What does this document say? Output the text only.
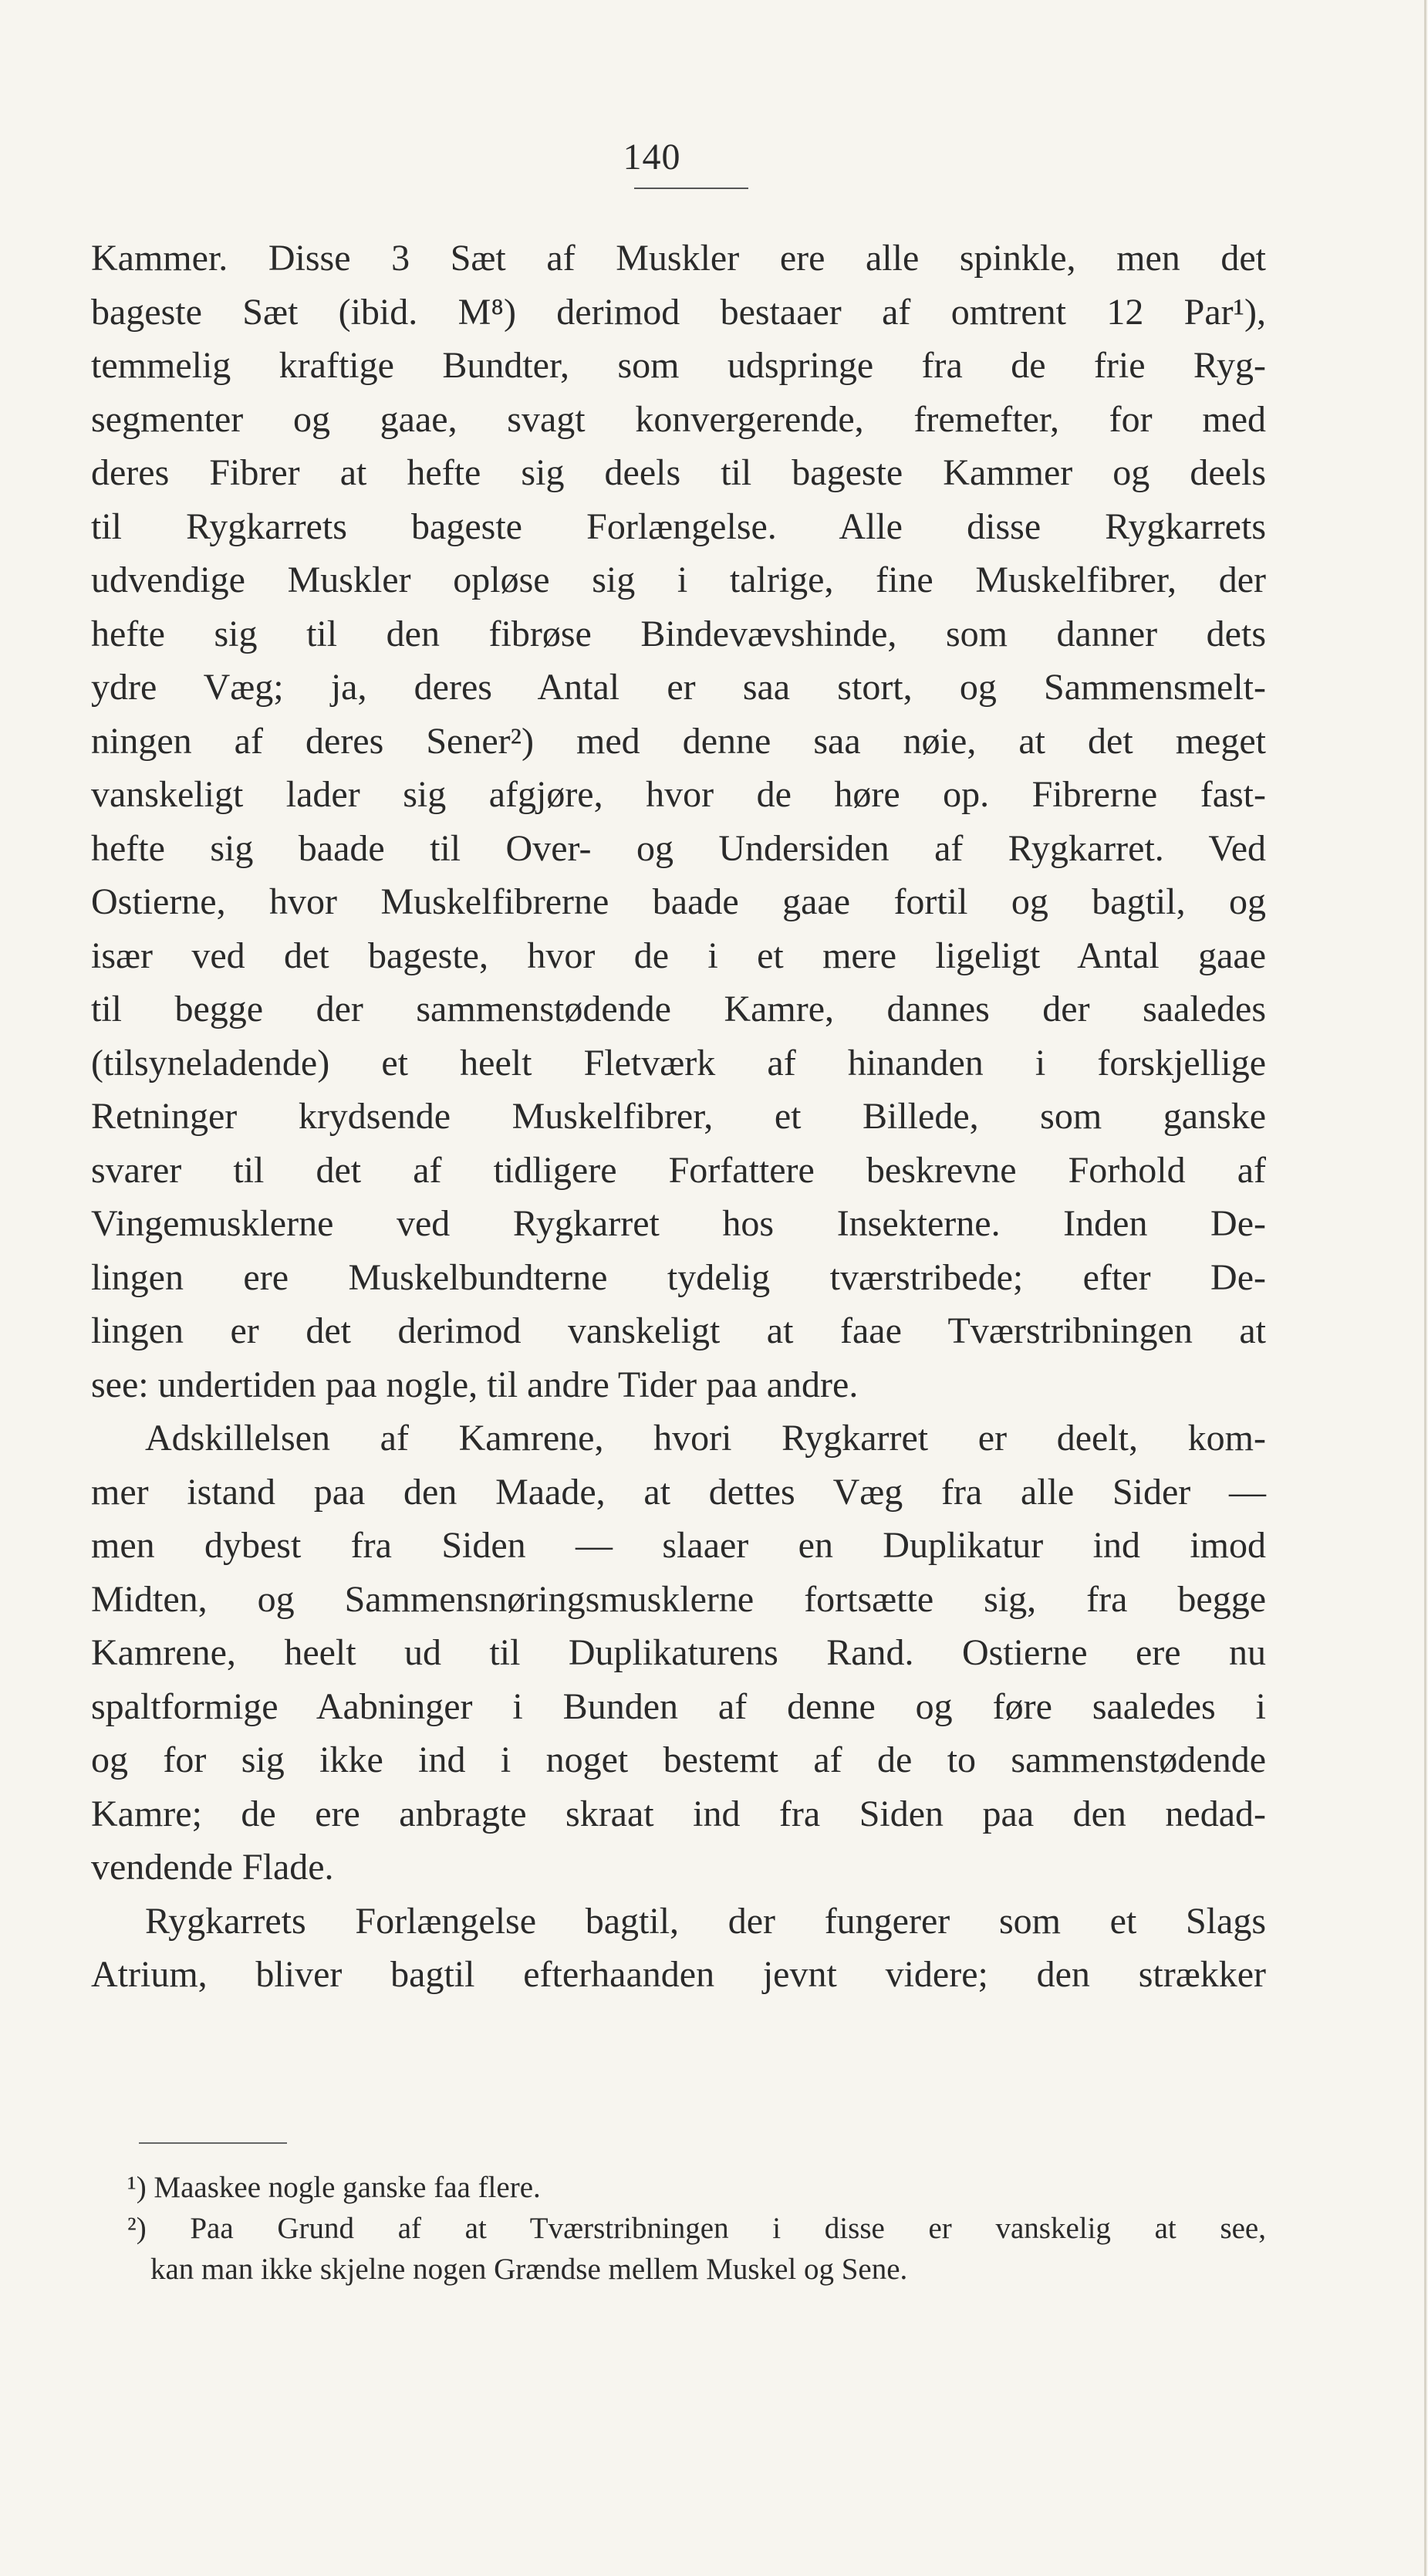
140
Kammer. Disse 3 Sæt af Muskler ere alle spinkle, men det
bageste Sæt (ibid. M⁸) derimod bestaaer af omtrent 12 Par¹),
temmelig kraftige Bundter, som udspringe fra de frie Ryg-
segmenter og gaae, svagt konvergerende, fremefter, for med
deres Fibrer at hefte sig deels til bageste Kammer og deels
til Rygkarrets bageste Forlængelse. Alle disse Rygkarrets
udvendige Muskler opløse sig i talrige, fine Muskelfibrer, der
hefte sig til den fibrøse Bindevævshinde, som danner dets
ydre Væg; ja, deres Antal er saa stort, og Sammensmelt-
ningen af deres Sener²) med denne saa nøie, at det meget
vanskeligt lader sig afgjøre, hvor de høre op. Fibrerne fast-
hefte sig baade til Over- og Undersiden af Rygkarret. Ved
Ostierne, hvor Muskelfibrerne baade gaae fortil og bagtil, og
især ved det bageste, hvor de i et mere ligeligt Antal gaae
til begge der sammenstødende Kamre, dannes der saaledes
(tilsyneladende) et heelt Fletværk af hinanden i forskjellige
Retninger krydsende Muskelfibrer, et Billede, som ganske
svarer til det af tidligere Forfattere beskrevne Forhold af
Vingemusklerne ved Rygkarret hos Insekterne. Inden De-
lingen ere Muskelbundterne tydelig tværstribede; efter De-
lingen er det derimod vanskeligt at faae Tværstribningen at
see: undertiden paa nogle, til andre Tider paa andre.
Adskillelsen af Kamrene, hvori Rygkarret er deelt, kom-
mer istand paa den Maade, at dettes Væg fra alle Sider —
men dybest fra Siden — slaaer en Duplikatur ind imod
Midten, og Sammensnøringsmusklerne fortsætte sig, fra begge
Kamrene, heelt ud til Duplikaturens Rand. Ostierne ere nu
spaltformige Aabninger i Bunden af denne og føre saaledes i
og for sig ikke ind i noget bestemt af de to sammenstødende
Kamre; de ere anbragte skraat ind fra Siden paa den nedad-
vendende Flade.
Rygkarrets Forlængelse bagtil, der fungerer som et Slags
Atrium, bliver bagtil efterhaanden jevnt videre; den strækker
¹) Maaskee nogle ganske faa flere.
²) Paa Grund af at Tværstribningen i disse er vanskelig at see,
kan man ikke skjelne nogen Grændse mellem Muskel og Sene.
